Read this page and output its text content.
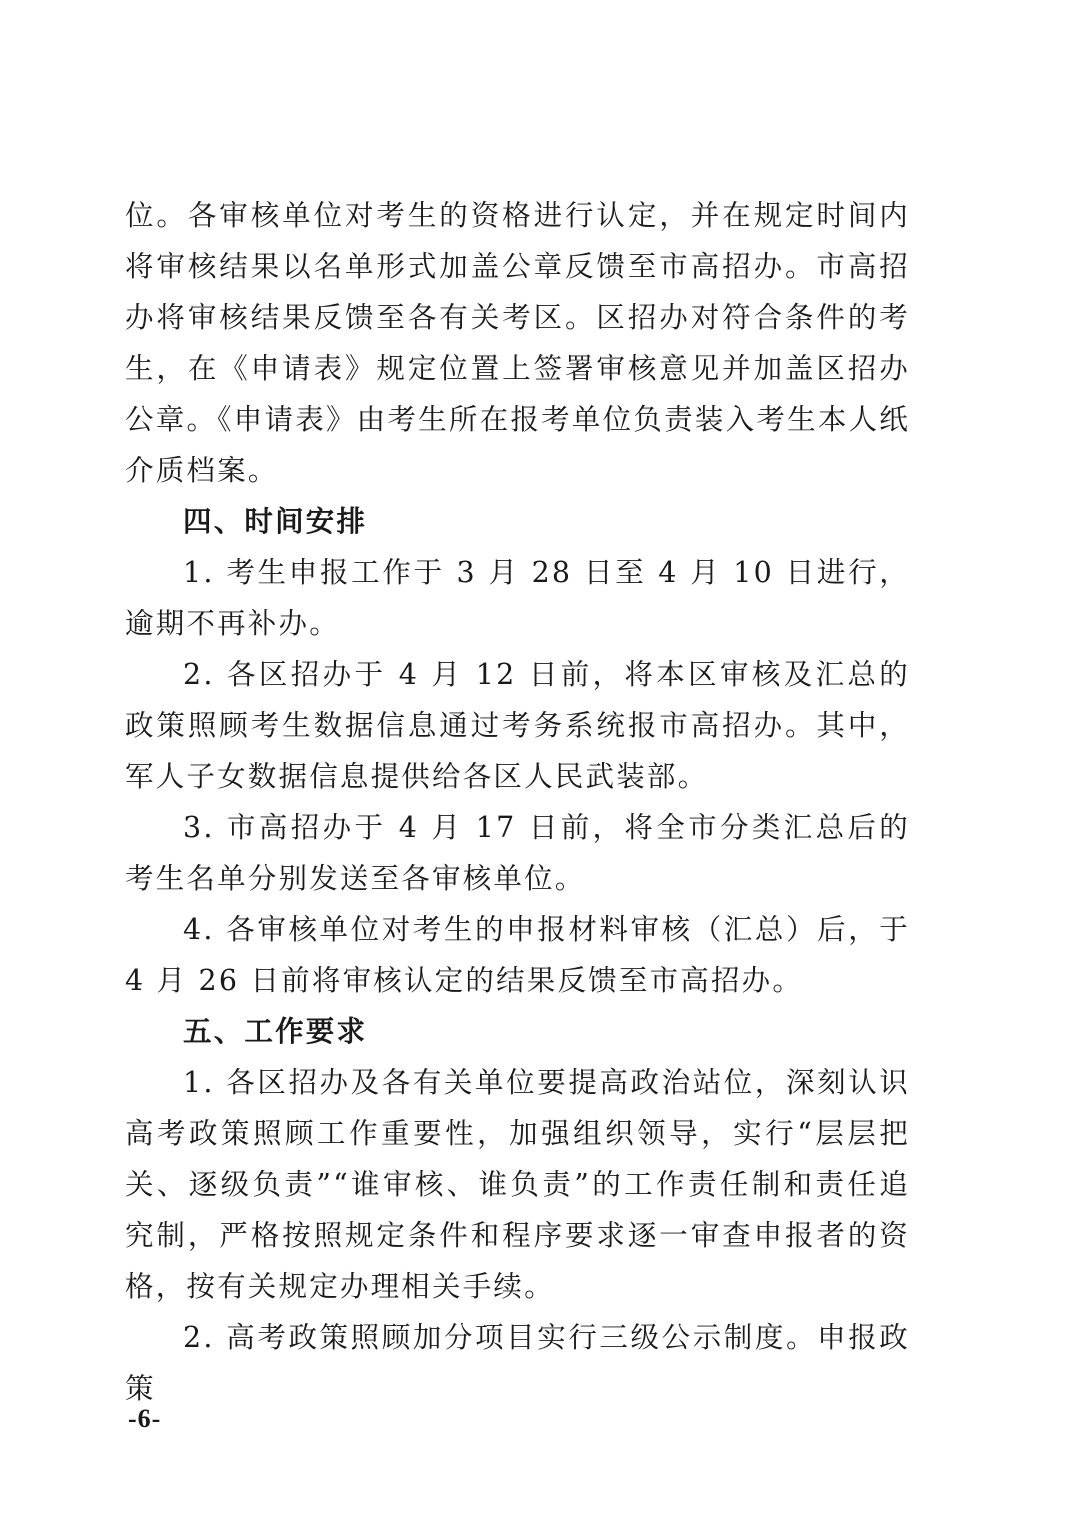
位。各审核单位对考生的资格进行认定，并在规定时间内将审核结果以名单形式加盖公章反馈至市高招办。市高招办将审核结果反馈至各有关考区。区招办对符合条件的考生，在《申请表》规定位置上签署审核意见并加盖区招办公章。《申请表》由考生所在报考单位负责装入考生本人纸介质档案。

四、时间安排

1. 考生申报工作于 3 月 28 日至 4 月 10 日进行，逾期不再补办。

2. 各区招办于 4 月 12 日前，将本区审核及汇总的政策照顾考生数据信息通过考务系统报市高招办。其中，军人子女数据信息提供给各区人民武装部。

3. 市高招办于 4 月 17 日前，将全市分类汇总后的考生名单分别发送至各审核单位。

4. 各审核单位对考生的申报材料审核（汇总）后，于 4 月 26 日前将审核认定的结果反馈至市高招办。

五、工作要求

1. 各区招办及各有关单位要提高政治站位，深刻认识高考政策照顾工作重要性，加强组织领导，实行“层层把关、逐级负责”“谁审核、谁负责”的工作责任制和责任追究制，严格按照规定条件和程序要求逐一审查申报者的资格，按有关规定办理相关手续。

2. 高考政策照顾加分项目实行三级公示制度。申报政策

-6-
